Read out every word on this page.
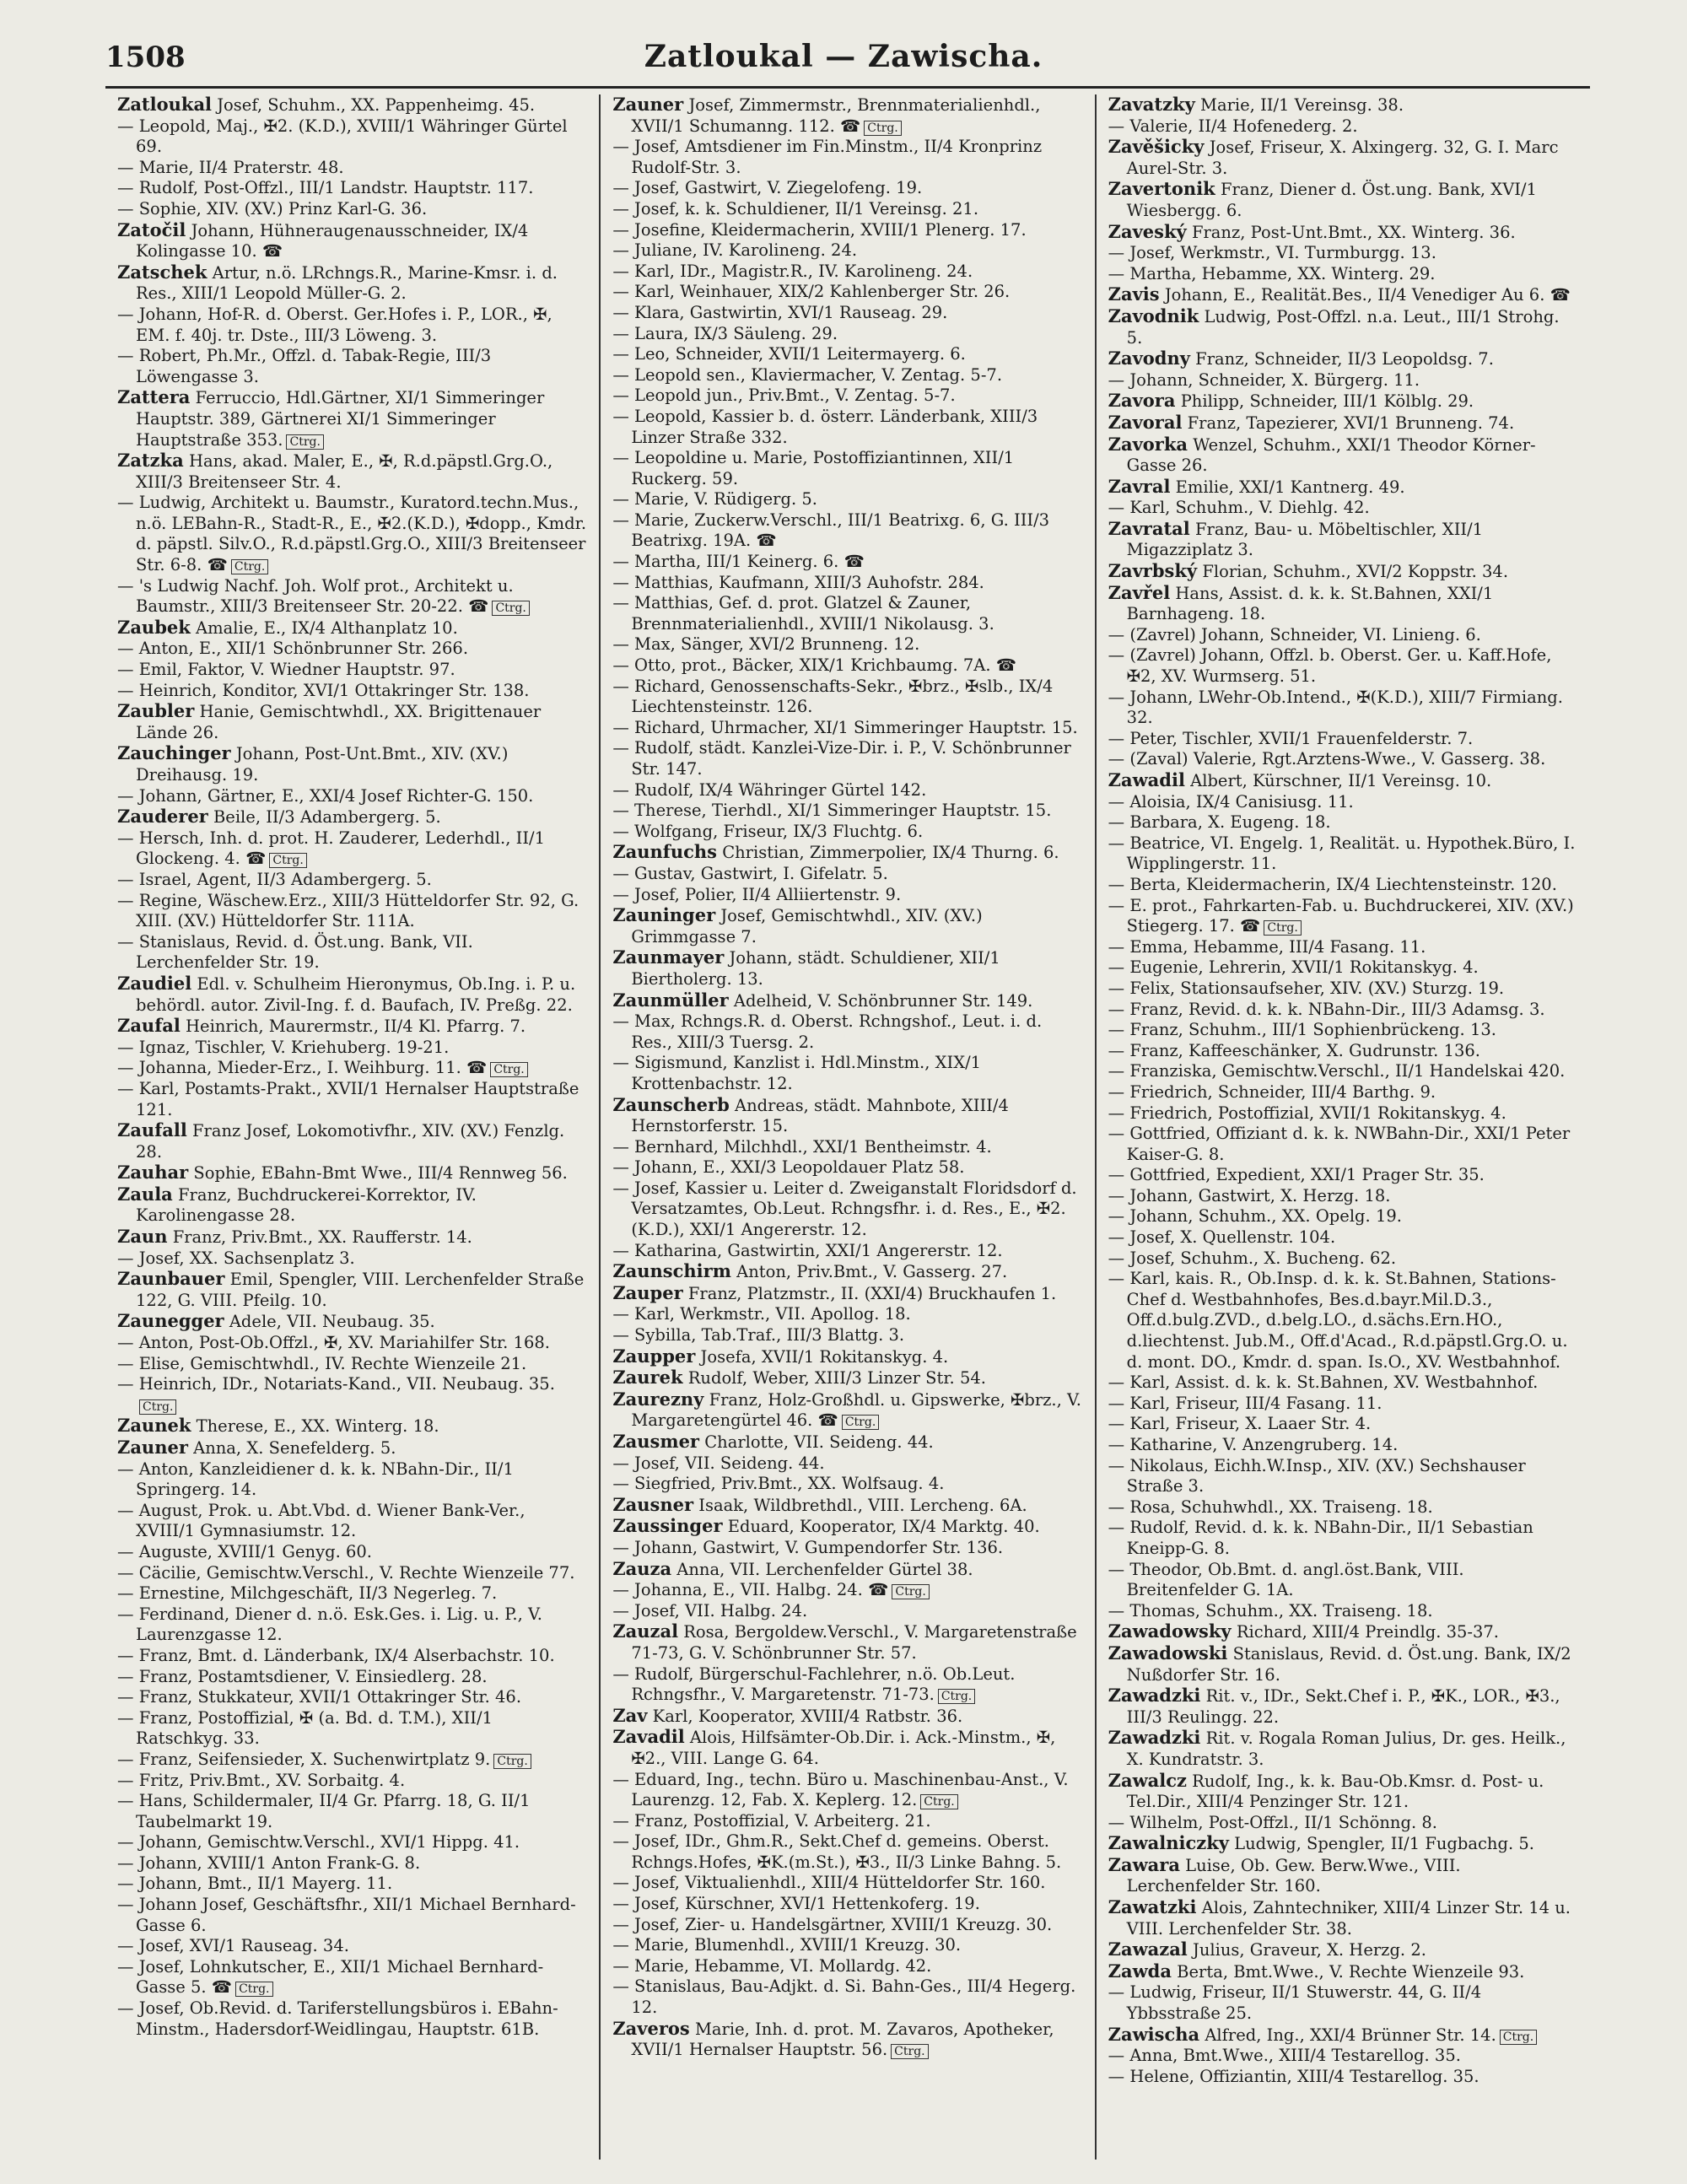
1508	Zatloukal — Zawischa.

Zatloukal Josef, Schuhm., XX. Pappenheimg. 45.

— Leopold, Maj., ✠2. (K.D.), XVIII/1 Währinger Gürtel 69.

— Marie, II/4 Praterstr. 48.

— Rudolf, Post-Offzl., III/1 Landstr. Hauptstr. 117.

— Sophie, XIV. (XV.) Prinz Karl-G. 36.

Zatočil Johann, Hühneraugenausschneider, IX/4 Kolingasse 10. ☎

Zatschek Artur, n.ö. LRchngs.R., Marine-Kmsr. i. d. Res., XIII/1 Leopold Müller-G. 2.

— Johann, Hof-R. d. Oberst. Ger.Hofes i. P., LOR., ✠, EM. f. 40j. tr. Dste., III/3 Löweng. 3.

— Robert, Ph.Mr., Offzl. d. Tabak-Regie, III/3 Löwengasse 3.

Zattera Ferruccio, Hdl.Gärtner, XI/1 Simmeringer Hauptstr. 389, Gärtnerei XI/1 Simmeringer Hauptstraße 353. Ctrg.

Zatzka Hans, akad. Maler, E., ✠, R.d.päpstl.Grg.O., XIII/3 Breitenseer Str. 4.

— Ludwig, Architekt u. Baumstr., Kuratord.techn.Mus., n.ö. LEBahn-R., Stadt-R., E., ✠2.(K.D.), ✠dopp., Kmdr. d. päpstl. Silv.O., R.d.päpstl.Grg.O., XIII/3 Breitenseer Str. 6-8. ☎ Ctrg.

— 's Ludwig Nachf. Joh. Wolf prot., Architekt u. Baumstr., XIII/3 Breitenseer Str. 20-22. ☎ Ctrg.

Zaubek Amalie, E., IX/4 Althanplatz 10.

— Anton, E., XII/1 Schönbrunner Str. 266.

— Emil, Faktor, V. Wiedner Hauptstr. 97.

— Heinrich, Konditor, XVI/1 Ottakringer Str. 138.

Zaubler Hanie, Gemischtwhdl., XX. Brigittenauer Lände 26.

Zauchinger Johann, Post-Unt.Bmt., XIV. (XV.) Dreihausg. 19.

— Johann, Gärtner, E., XXI/4 Josef Richter-G. 150.

Zauderer Beile, II/3 Adambergerg. 5.

— Hersch, Inh. d. prot. H. Zauderer, Lederhdl., II/1 Glockeng. 4. ☎ Ctrg.

— Israel, Agent, II/3 Adambergerg. 5.

— Regine, Wäschew.Erz., XIII/3 Hütteldorfer Str. 92, G. XIII. (XV.) Hütteldorfer Str. 111A.

— Stanislaus, Revid. d. Öst.ung. Bank, VII. Lerchenfelder Str. 19.

Zaudiel Edl. v. Schulheim Hieronymus, Ob.Ing. i. P. u. behördl. autor. Zivil-Ing. f. d. Baufach, IV. Preßg. 22.

Zaufal Heinrich, Maurermstr., II/4 Kl. Pfarrg. 7.

— Ignaz, Tischler, V. Kriehuberg. 19-21.

— Johanna, Mieder-Erz., I. Weihburg. 11. ☎ Ctrg.

— Karl, Postamts-Prakt., XVII/1 Hernalser Hauptstraße 121.

Zaufall Franz Josef, Lokomotivfhr., XIV. (XV.) Fenzlg. 28.

Zauhar Sophie, EBahn-Bmt Wwe., III/4 Rennweg 56.

Zaula Franz, Buchdruckerei-Korrektor, IV. Karolinengasse 28.

Zaun Franz, Priv.Bmt., XX. Raufferstr. 14.

— Josef, XX. Sachsenplatz 3.

Zaunbauer Emil, Spengler, VIII. Lerchenfelder Straße 122, G. VIII. Pfeilg. 10.

Zaunegger Adele, VII. Neubaug. 35.

— Anton, Post-Ob.Offzl., ✠, XV. Mariahilfer Str. 168.

— Elise, Gemischtwhdl., IV. Rechte Wienzeile 21.

— Heinrich, IDr., Notariats-Kand., VII. Neubaug. 35.Ctrg.

Zaunek Therese, E., XX. Winterg. 18.

Zauner Anna, X. Senefelderg. 5.

— Anton, Kanzleidiener d. k. k. NBahn-Dir., II/1 Springerg. 14.

— August, Prok. u. Abt.Vbd. d. Wiener Bank-Ver., XVIII/1 Gymnasiumstr. 12.

— Auguste, XVIII/1 Genyg. 60.

— Cäcilie, Gemischtw.Verschl., V. Rechte Wienzeile 77.

— Ernestine, Milchgeschäft, II/3 Negerleg. 7.

— Ferdinand, Diener d. n.ö. Esk.Ges. i. Lig. u. P., V. Laurenzgasse 12.

— Franz, Bmt. d. Länderbank, IX/4 Alserbachstr. 10.

— Franz, Postamtsdiener, V. Einsiedlerg. 28.

— Franz, Stukkateur, XVII/1 Ottakringer Str. 46.

— Franz, Postoffizial, ✠ (a. Bd. d. T.M.), XII/1 Ratschkyg. 33.

— Franz, Seifensieder, X. Suchenwirtplatz 9. Ctrg.

— Fritz, Priv.Bmt., XV. Sorbaitg. 4.

— Hans, Schildermaler, II/4 Gr. Pfarrg. 18, G. II/1 Taubelmarkt 19.

— Johann, Gemischtw.Verschl., XVI/1 Hippg. 41.

— Johann, XVIII/1 Anton Frank-G. 8.

— Johann, Bmt., II/1 Mayerg. 11.

— Johann Josef, Geschäftsfhr., XII/1 Michael Bernhard-Gasse 6.

— Josef, XVI/1 Rauseag. 34.

— Josef, Lohnkutscher, E., XII/1 Michael Bernhard-Gasse 5. ☎ Ctrg.

— Josef, Ob.Revid. d. Tariferstellungsbüros i. EBahn-Minstm., Hadersdorf-Weidlingau, Hauptstr. 61B.

Zauner Josef, Zimmermstr., Brennmaterialienhdl., XVII/1 Schumanng. 112. ☎ Ctrg.

— Josef, Amtsdiener im Fin.Minstm., II/4 Kronprinz Rudolf-Str. 3.

— Josef, Gastwirt, V. Ziegelofeng. 19.

— Josef, k. k. Schuldiener, II/1 Vereinsg. 21.

— Josefine, Kleidermacherin, XVIII/1 Plenerg. 17.

— Juliane, IV. Karolineng. 24.

— Karl, IDr., Magistr.R., IV. Karolineng. 24.

— Karl, Weinhauer, XIX/2 Kahlenberger Str. 26.

— Klara, Gastwirtin, XVI/1 Rauseag. 29.

— Laura, IX/3 Säuleng. 29.

— Leo, Schneider, XVII/1 Leitermayerg. 6.

— Leopold sen., Klaviermacher, V. Zentag. 5-7.

— Leopold jun., Priv.Bmt., V. Zentag. 5-7.

— Leopold, Kassier b. d. österr. Länderbank, XIII/3 Linzer Straße 332.

— Leopoldine u. Marie, Postoffiziantinnen, XII/1 Ruckerg. 59.

— Marie, V. Rüdigerg. 5.

— Marie, Zuckerw.Verschl., III/1 Beatrixg. 6, G. III/3 Beatrixg. 19A. ☎

— Martha, III/1 Keinerg. 6. ☎

— Matthias, Kaufmann, XIII/3 Auhofstr. 284.

— Matthias, Gef. d. prot. Glatzel & Zauner, Brennmaterialienhdl., XVIII/1 Nikolausg. 3.

— Max, Sänger, XVI/2 Brunneng. 12.

— Otto, prot., Bäcker, XIX/1 Krichbaumg. 7A. ☎

— Richard, Genossenschafts-Sekr., ✠brz., ✠slb., IX/4 Liechtensteinstr. 126.

— Richard, Uhrmacher, XI/1 Simmeringer Hauptstr. 15.

— Rudolf, städt. Kanzlei-Vize-Dir. i. P., V. Schönbrunner Str. 147.

— Rudolf, IX/4 Währinger Gürtel 142.

— Therese, Tierhdl., XI/1 Simmeringer Hauptstr. 15.

— Wolfgang, Friseur, IX/3 Fluchtg. 6.

Zaunfuchs Christian, Zimmerpolier, IX/4 Thurng. 6.

— Gustav, Gastwirt, I. Gifelatr. 5.

— Josef, Polier, II/4 Alliiertenstr. 9.

Zauninger Josef, Gemischtwhdl., XIV. (XV.) Grimmgasse 7.

Zaunmayer Johann, städt. Schuldiener, XII/1 Biertholerg. 13.

Zaunmüller Adelheid, V. Schönbrunner Str. 149.

— Max, Rchngs.R. d. Oberst. Rchngshof., Leut. i. d. Res., XIII/3 Tuersg. 2.

— Sigismund, Kanzlist i. Hdl.Minstm., XIX/1 Krottenbachstr. 12.

Zaunscherb Andreas, städt. Mahnbote, XIII/4 Hernstorferstr. 15.

— Bernhard, Milchhdl., XXI/1 Bentheimstr. 4.

— Johann, E., XXI/3 Leopoldauer Platz 58.

— Josef, Kassier u. Leiter d. Zweiganstalt Floridsdorf d. Versatzamtes, Ob.Leut. Rchngsfhr. i. d. Res., E., ✠2. (K.D.), XXI/1 Angererstr. 12.

— Katharina, Gastwirtin, XXI/1 Angererstr. 12.

Zaunschirm Anton, Priv.Bmt., V. Gasserg. 27.

Zauper Franz, Platzmstr., II. (XXI/4) Bruckhaufen 1.

— Karl, Werkmstr., VII. Apollog. 18.

— Sybilla, Tab.Traf., III/3 Blattg. 3.

Zaupper Josefa, XVII/1 Rokitanskyg. 4.

Zaurek Rudolf, Weber, XIII/3 Linzer Str. 54.

Zaurezny Franz, Holz-Großhdl. u. Gipswerke, ✠brz., V. Margaretengürtel 46. ☎ Ctrg.

Zausmer Charlotte, VII. Seideng. 44.

— Josef, VII. Seideng. 44.

— Siegfried, Priv.Bmt., XX. Wolfsaug. 4.

Zausner Isaak, Wildbrethdl., VIII. Lercheng. 6A.

Zaussinger Eduard, Kooperator, IX/4 Marktg. 40.

— Johann, Gastwirt, V. Gumpendorfer Str. 136.

Zauza Anna, VII. Lerchenfelder Gürtel 38.

— Johanna, E., VII. Halbg. 24. ☎ Ctrg.

— Josef, VII. Halbg. 24.

Zauzal Rosa, Bergoldew.Verschl., V. Margaretenstraße 71-73, G. V. Schönbrunner Str. 57.

— Rudolf, Bürgerschul-Fachlehrer, n.ö. Ob.Leut. Rchngsfhr., V. Margaretenstr. 71-73. Ctrg.

Zav Karl, Kooperator, XVIII/4 Ratbstr. 36.

Zavadil Alois, Hilfsämter-Ob.Dir. i. Ack.-Minstm., ✠, ✠2., VIII. Lange G. 64.

— Eduard, Ing., techn. Büro u. Maschinenbau-Anst., V. Laurenzg. 12, Fab. X. Keplerg. 12. Ctrg.

— Franz, Postoffizial, V. Arbeiterg. 21.

— Josef, IDr., Ghm.R., Sekt.Chef d. gemeins. Oberst. Rchngs.Hofes, ✠K.(m.St.), ✠3., II/3 Linke Bahng. 5.

— Josef, Viktualienhdl., XIII/4 Hütteldorfer Str. 160.

— Josef, Kürschner, XVI/1 Hettenkoferg. 19.

— Josef, Zier- u. Handelsgärtner, XVIII/1 Kreuzg. 30.

— Marie, Blumenhdl., XVIII/1 Kreuzg. 30.

— Marie, Hebamme, VI. Mollardg. 42.

— Stanislaus, Bau-Adjkt. d. Si. Bahn-Ges., III/4 Hegerg. 12.

Zaveros Marie, Inh. d. prot. M. Zavaros, Apotheker, XVII/1 Hernalser Hauptstr. 56. Ctrg.

Zavatzky Marie, II/1 Vereinsg. 38.

— Valerie, II/4 Hofenederg. 2.

Zavěšicky Josef, Friseur, X. Alxingerg. 32, G. I. Marc Aurel-Str. 3.

Zavertonik Franz, Diener d. Öst.ung. Bank, XVI/1 Wiesbergg. 6.

Zaveský Franz, Post-Unt.Bmt., XX. Winterg. 36.

— Josef, Werkmstr., VI. Turmburgg. 13.

— Martha, Hebamme, XX. Winterg. 29.

Zavis Johann, E., Realität.Bes., II/4 Venediger Au 6. ☎

Zavodnik Ludwig, Post-Offzl. n.a. Leut., III/1 Strohg. 5.

Zavodny Franz, Schneider, II/3 Leopoldsg. 7.

— Johann, Schneider, X. Bürgerg. 11.

Zavora Philipp, Schneider, III/1 Kölblg. 29.

Zavoral Franz, Tapezierer, XVI/1 Brunneng. 74.

Zavorka Wenzel, Schuhm., XXI/1 Theodor Körner-Gasse 26.

Zavral Emilie, XXI/1 Kantnerg. 49.

— Karl, Schuhm., V. Diehlg. 42.

Zavratal Franz, Bau- u. Möbeltischler, XII/1 Migazziplatz 3.

Zavrbský Florian, Schuhm., XVI/2 Koppstr. 34.

Zavřel Hans, Assist. d. k. k. St.Bahnen, XXI/1 Barnhageng. 18.

— (Zavrel) Johann, Schneider, VI. Linieng. 6.

— (Zavrel) Johann, Offzl. b. Oberst. Ger. u. Kaff.Hofe, ✠2, XV. Wurmserg. 51.

— Johann, LWehr-Ob.Intend., ✠(K.D.), XIII/7 Firmiang. 32.

— Peter, Tischler, XVII/1 Frauenfelderstr. 7.

— (Zaval) Valerie, Rgt.Arztens-Wwe., V. Gasserg. 38.

Zawadil Albert, Kürschner, II/1 Vereinsg. 10.

— Aloisia, IX/4 Canisiusg. 11.

— Barbara, X. Eugeng. 18.

— Beatrice, VI. Engelg. 1, Realität. u. Hypothek.Büro, I. Wipplingerstr. 11.

— Berta, Kleidermacherin, IX/4 Liechtensteinstr. 120.

— E. prot., Fahrkarten-Fab. u. Buchdruckerei, XIV. (XV.) Stiegerg. 17. ☎ Ctrg.

— Emma, Hebamme, III/4 Fasang. 11.

— Eugenie, Lehrerin, XVII/1 Rokitanskyg. 4.

— Felix, Stationsaufseher, XIV. (XV.) Sturzg. 19.

— Franz, Revid. d. k. k. NBahn-Dir., III/3 Adamsg. 3.

— Franz, Schuhm., III/1 Sophienbrückeng. 13.

— Franz, Kaffeeschänker, X. Gudrunstr. 136.

— Franziska, Gemischtw.Verschl., II/1 Handelskai 420.

— Friedrich, Schneider, III/4 Barthg. 9.

— Friedrich, Postoffizial, XVII/1 Rokitanskyg. 4.

— Gottfried, Offiziant d. k. k. NWBahn-Dir., XXI/1 Peter Kaiser-G. 8.

— Gottfried, Expedient, XXI/1 Prager Str. 35.

— Johann, Gastwirt, X. Herzg. 18.

— Johann, Schuhm., XX. Opelg. 19.

— Josef, X. Quellenstr. 104.

— Josef, Schuhm., X. Bucheng. 62.

— Karl, kais. R., Ob.Insp. d. k. k. St.Bahnen, Stations-Chef d. Westbahnhofes, Bes.d.bayr.Mil.D.3., Off.d.bulg.ZVD., d.belg.LO., d.sächs.Ern.HO., d.liechtenst. Jub.M., Off.d'Acad., R.d.päpstl.Grg.O. u. d. mont. DO., Kmdr. d. span. Is.O., XV. Westbahnhof.

— Karl, Assist. d. k. k. St.Bahnen, XV. Westbahnhof.

— Karl, Friseur, III/4 Fasang. 11.

— Karl, Friseur, X. Laaer Str. 4.

— Katharine, V. Anzengruberg. 14.

— Nikolaus, Eichh.W.Insp., XIV. (XV.) Sechshauser Straße 3.

— Rosa, Schuhwhdl., XX. Traiseng. 18.

— Rudolf, Revid. d. k. k. NBahn-Dir., II/1 Sebastian Kneipp-G. 8.

— Theodor, Ob.Bmt. d. angl.öst.Bank, VIII. Breitenfelder G. 1A.

— Thomas, Schuhm., XX. Traiseng. 18.

Zawadowsky Richard, XIII/4 Preindlg. 35-37.

Zawadowski Stanislaus, Revid. d. Öst.ung. Bank, IX/2 Nußdorfer Str. 16.

Zawadzki Rit. v., IDr., Sekt.Chef i. P., ✠K., LOR., ✠3., III/3 Reulingg. 22.

Zawadzki Rit. v. Rogala Roman Julius, Dr. ges. Heilk., X. Kundratstr. 3.

Zawalcz Rudolf, Ing., k. k. Bau-Ob.Kmsr. d. Post- u. Tel.Dir., XIII/4 Penzinger Str. 121.

— Wilhelm, Post-Offzl., II/1 Schönng. 8.

Zawalniczky Ludwig, Spengler, II/1 Fugbachg. 5.

Zawara Luise, Ob. Gew. Berw.Wwe., VIII. Lerchenfelder Str. 160.

Zawatzki Alois, Zahntechniker, XIII/4 Linzer Str. 14 u. VIII. Lerchenfelder Str. 38.

Zawazal Julius, Graveur, X. Herzg. 2.

Zawda Berta, Bmt.Wwe., V. Rechte Wienzeile 93.

— Ludwig, Friseur, II/1 Stuwerstr. 44, G. II/4 Ybbsstraße 25.

Zawischa Alfred, Ing., XXI/4 Brünner Str. 14. Ctrg.

— Anna, Bmt.Wwe., XIII/4 Testarellog. 35.

— Helene, Offiziantin, XIII/4 Testarellog. 35.
